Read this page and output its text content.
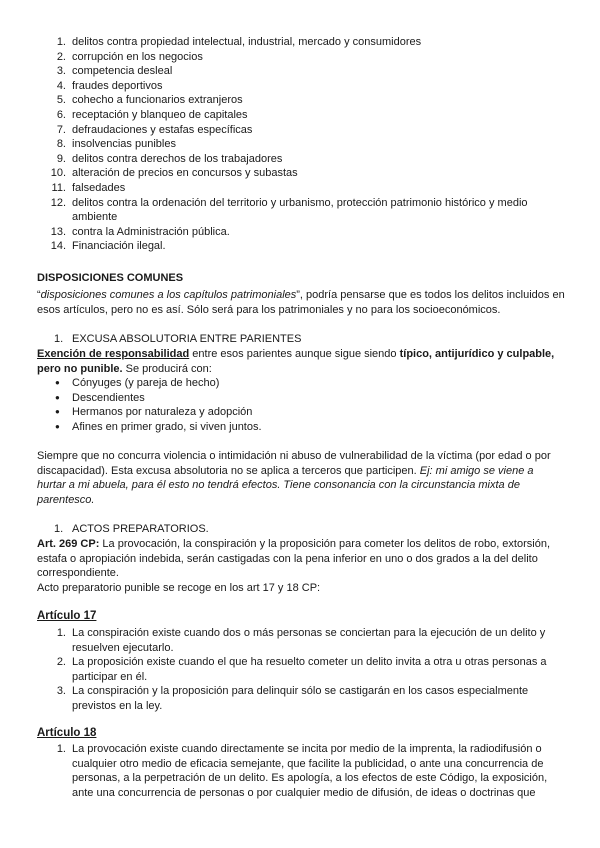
1. delitos contra propiedad intelectual, industrial, mercado y consumidores
2. corrupción en los negocios
3. competencia desleal
4. fraudes deportivos
5. cohecho a funcionarios extranjeros
6. receptación y blanqueo de capitales
7. defraudaciones y estafas específicas
8. insolvencias punibles
9. delitos contra derechos de los trabajadores
10. alteración de precios en concursos y subastas
11. falsedades
12. delitos contra la ordenación del territorio y urbanismo, protección patrimonio histórico y medio ambiente
13. contra la Administración pública.
14. Financiación ilegal.
DISPOSICIONES COMUNES
“disposiciones comunes a los capítulos patrimoniales”, podría pensarse que es todos los delitos incluidos en esos artículos, pero no es así. Sólo será para los patrimoniales y no para los socioeconómicos.
1. EXCUSA ABSOLUTORIA ENTRE PARIENTES
Exención de responsabilidad entre esos parientes aunque sigue siendo típico, antijurídico y culpable, pero no punible. Se producirá con:
● Cónyuges (y pareja de hecho)
● Descendientes
● Hermanos por naturaleza y adopción
● Afines en primer grado, si viven juntos.
Siempre que no concurra violencia o intimidación ni abuso de vulnerabilidad de la víctima (por edad o por discapacidad). Esta excusa absolutoria no se aplica a terceros que participen. Ej: mi amigo se viene a hurtar a mi abuela, para él esto no tendrá efectos. Tiene consonancia con la circunstancia mixta de parentesco.
1. ACTOS PREPARATORIOS.
Art. 269 CP: La provocación, la conspiración y la proposición para cometer los delitos de robo, extorsión, estafa o apropiación indebida, serán castigadas con la pena inferior en uno o dos grados a la del delito correspondiente.
Acto preparatorio punible se recoge en los art 17 y 18 CP:
Artículo 17
1. La conspiración existe cuando dos o más personas se conciertan para la ejecución de un delito y resuelven ejecutarlo.
2. La proposición existe cuando el que ha resuelto cometer un delito invita a otra u otras personas a participar en él.
3. La conspiración y la proposición para delinquir sólo se castigarán en los casos especialmente previstos en la ley.
Artículo 18
1. La provocación existe cuando directamente se incita por medio de la imprenta, la radiodifusión o cualquier otro medio de eficacia semejante, que facilite la publicidad, o ante una concurrencia de personas, a la perpetración de un delito. Es apología, a los efectos de este Código, la exposición, ante una concurrencia de personas o por cualquier medio de difusión, de ideas o doctrinas que
